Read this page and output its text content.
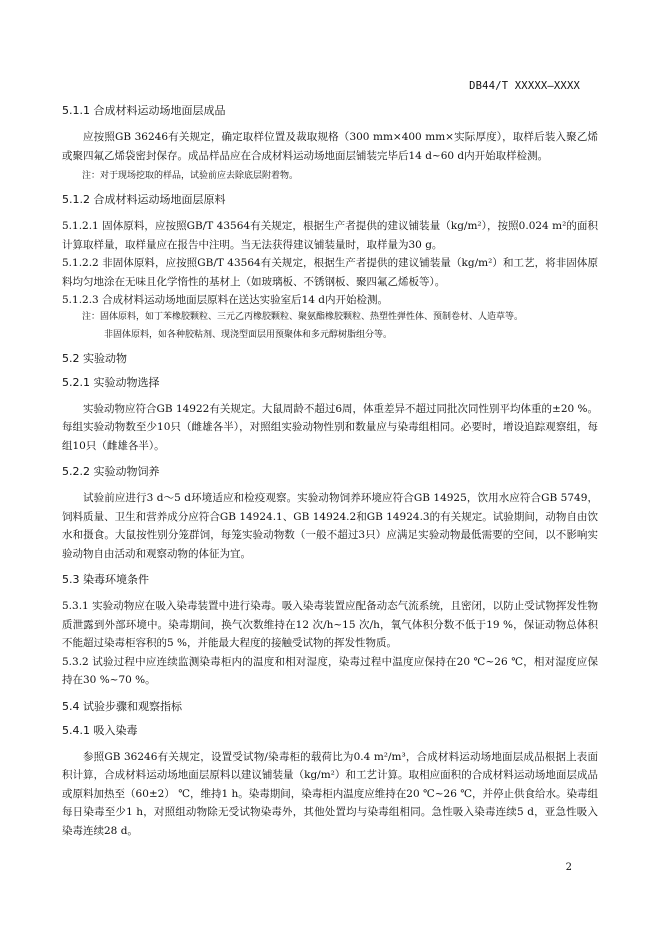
DB44/T XXXXX—XXXX
5.1.1 合成材料运动场地面层成品
应按照GB 36246有关规定，确定取样位置及裁取规格（300 mm×400 mm×实际厚度），取样后装入聚乙烯或聚四氟乙烯袋密封保存。成品样品应在合成材料运动场地面层铺装完毕后14 d~60 d内开始取样检测。
注：对于现场挖取的样品，试验前应去除底层附着物。
5.1.2 合成材料运动场地面层原料
5.1.2.1 固体原料，应按照GB/T 43564有关规定，根据生产者提供的建议铺装量（kg/m²），按照0.024 m²的面积计算取样量，取样量应在报告中注明。当无法获得建议铺装量时，取样量为30 g。
5.1.2.2 非固体原料，应按照GB/T 43564有关规定，根据生产者提供的建议铺装量（kg/m²）和工艺，将非固体原料均匀地涂在无味且化学惰性的基材上（如玻璃板、不锈钢板、聚四氟乙烯板等）。
5.1.2.3 合成材料运动场地面层原料在送达实验室后14 d内开始检测。
注：固体原料，如丁苯橡胶颗粒、三元乙丙橡胶颗粒、聚氨酯橡胶颗粒、热塑性弹性体、预制卷材、人造草等。
非固体原料，如各种胶粘剂、现浇型面层用预聚体和多元醇树脂组分等。
5.2 实验动物
5.2.1 实验动物选择
实验动物应符合GB 14922有关规定。大鼠周龄不超过6周，体重差异不超过同批次同性别平均体重的±20 %。每组实验动物数至少10只（雌雄各半），对照组实验动物性别和数量应与染毒组相同。必要时，增设追踪观察组，每组10只（雌雄各半）。
5.2.2 实验动物饲养
试验前应进行3 d～5 d环境适应和检疫观察。实验动物饲养环境应符合GB 14925，饮用水应符合GB 5749，饲料质量、卫生和营养成分应符合GB 14924.1、GB 14924.2和GB 14924.3的有关规定。试验期间，动物自由饮水和摄食。大鼠按性别分笼群饲，每笼实验动物数（一般不超过3只）应满足实验动物最低需要的空间，以不影响实验动物自由活动和观察动物的体征为宜。
5.3 染毒环境条件
5.3.1 实验动物应在吸入染毒装置中进行染毒。吸入染毒装置应配备动态气流系统，且密闭，以防止受试物挥发性物质泄露到外部环境中。染毒期间，换气次数维持在12 次/h~15 次/h，氧气体积分数不低于19 %，保证动物总体积不能超过染毒柜容积的5 %，并能最大程度的接触受试物的挥发性物质。
5.3.2 试验过程中应连续监测染毒柜内的温度和相对湿度，染毒过程中温度应保持在20 ℃~26 ℃，相对湿度应保持在30 %~70 %。
5.4 试验步骤和观察指标
5.4.1 吸入染毒
参照GB 36246有关规定，设置受试物/染毒柜的载荷比为0.4 m²/m³，合成材料运动场地面层成品根据上表面积计算，合成材料运动场地面层原料以建议铺装量（kg/m²）和工艺计算。取相应面积的合成材料运动场地面层成品或原料加热至（60±2） ℃，维持1 h。染毒期间，染毒柜内温度应维持在20 ℃~26 ℃，并停止供食给水。染毒组每日染毒至少1 h，对照组动物除无受试物染毒外，其他处置均与染毒组相同。急性吸入染毒连续5 d，亚急性吸入染毒连续28 d。
2
